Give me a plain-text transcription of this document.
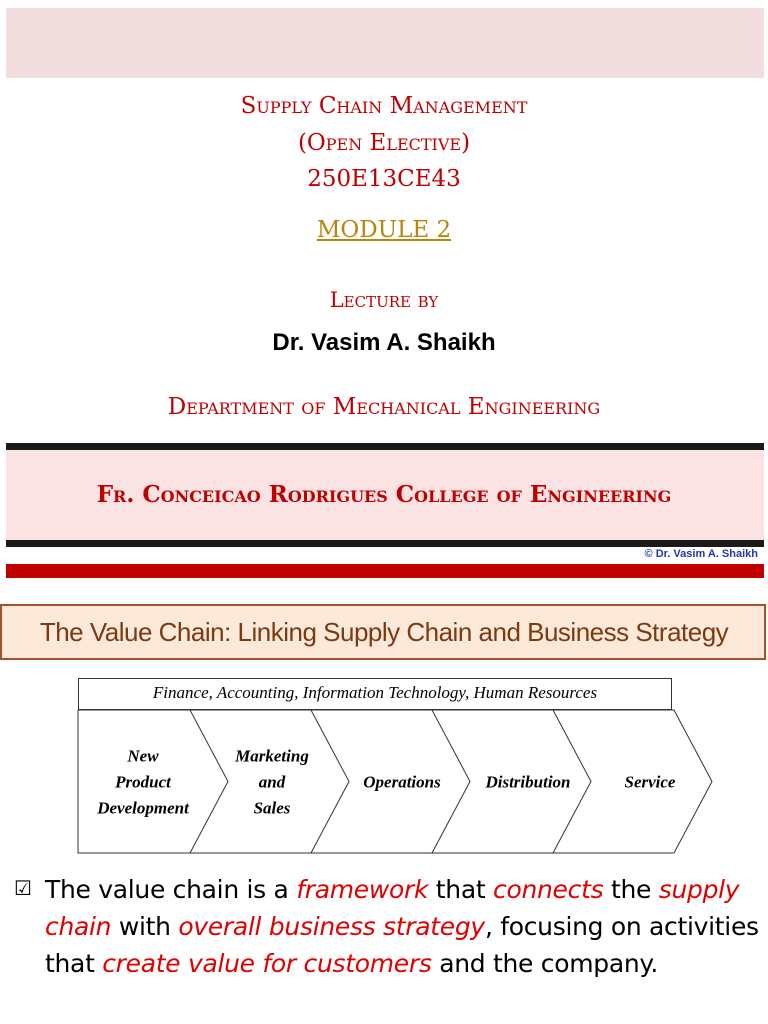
Supply Chain Management
(Open Elective)
250E13CE43
MODULE 2
Lecture by
Dr. Vasim A. Shaikh
Department of Mechanical Engineering
Fr. Conceicao Rodrigues College of Engineering
© Dr. Vasim A. Shaikh
The Value Chain: Linking Supply Chain and Business Strategy
Finance, Accounting, Information Technology, Human Resources
New
Product
Development
Marketing
and
Sales
Operations	Distribution	Service
☑ The value chain is a framework that connects the supply chain with overall business strategy, focusing on activities that create value for customers and the company.
